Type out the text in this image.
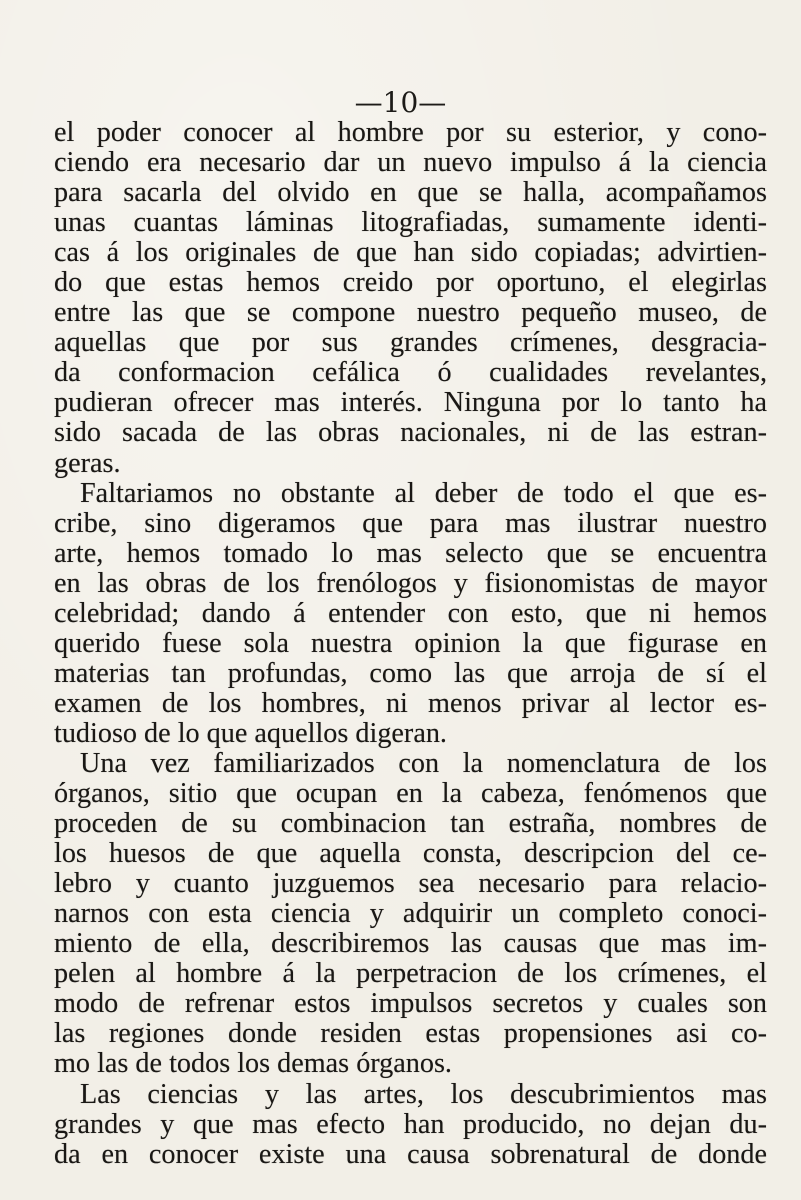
—10—
el poder conocer al hombre por su esterior, y cono-
ciendo era necesario dar un nuevo impulso á la ciencia
para sacarla del olvido en que se halla, acompañamos
unas cuantas láminas litografiadas, sumamente identi-
cas á los originales de que han sido copiadas; advirtien-
do que estas hemos creido por oportuno, el elegirlas
entre las que se compone nuestro pequeño museo, de
aquellas que por sus grandes crímenes, desgracia-
da conformacion cefálica ó cualidades revelantes,
pudieran ofrecer mas interés. Ninguna por lo tanto ha
sido sacada de las obras nacionales, ni de las estran-
geras.
Faltariamos no obstante al deber de todo el que es-
cribe, sino digeramos que para mas ilustrar nuestro
arte, hemos tomado lo mas selecto que se encuentra
en las obras de los frenólogos y fisionomistas de mayor
celebridad; dando á entender con esto, que ni hemos
querido fuese sola nuestra opinion la que figurase en
materias tan profundas, como las que arroja de sí el
examen de los hombres, ni menos privar al lector es-
tudioso de lo que aquellos digeran.
Una vez familiarizados con la nomenclatura de los
órganos, sitio que ocupan en la cabeza, fenómenos que
proceden de su combinacion tan estraña, nombres de
los huesos de que aquella consta, descripcion del ce-
lebro y cuanto juzguemos sea necesario para relacio-
narnos con esta ciencia y adquirir un completo conoci-
miento de ella, describiremos las causas que mas im-
pelen al hombre á la perpetracion de los crímenes, el
modo de refrenar estos impulsos secretos y cuales son
las regiones donde residen estas propensiones asi co-
mo las de todos los demas órganos.
Las ciencias y las artes, los descubrimientos mas
grandes y que mas efecto han producido, no dejan du-
da en conocer existe una causa sobrenatural de donde
